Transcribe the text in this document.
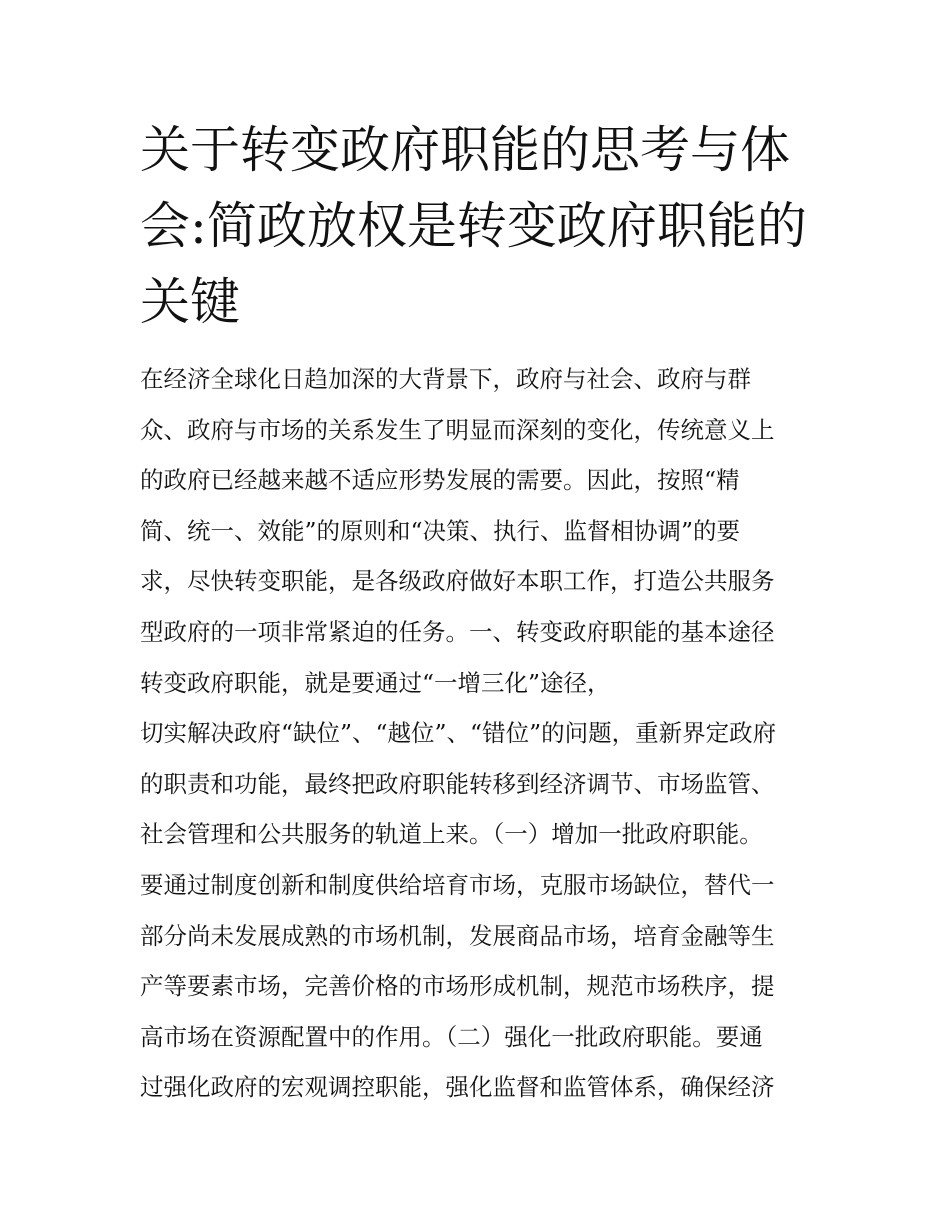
关于转变政府职能的思考与体
会:简政放权是转变政府职能的
关键
在经济全球化日趋加深的大背景下，政府与社会、政府与群
众、政府与市场的关系发生了明显而深刻的变化，传统意义上
的政府已经越来越不适应形势发展的需要。因此，按照“精
简、统一、效能”的原则和“决策、执行、监督相协调”的要
求，尽快转变职能，是各级政府做好本职工作，打造公共服务
型政府的一项非常紧迫的任务。一、转变政府职能的基本途径
转变政府职能，就是要通过“一增三化”途径，
切实解决政府“缺位”、“越位”、“错位”的问题，重新界定政府
的职责和功能，最终把政府职能转移到经济调节、市场监管、
社会管理和公共服务的轨道上来。（一）增加一批政府职能。
要通过制度创新和制度供给培育市场，克服市场缺位，替代一
部分尚未发展成熟的市场机制，发展商品市场，培育金融等生
产等要素市场，完善价格的市场形成机制，规范市场秩序，提
高市场在资源配置中的作用。（二）强化一批政府职能。要通
过强化政府的宏观调控职能，强化监督和监管体系，确保经济
